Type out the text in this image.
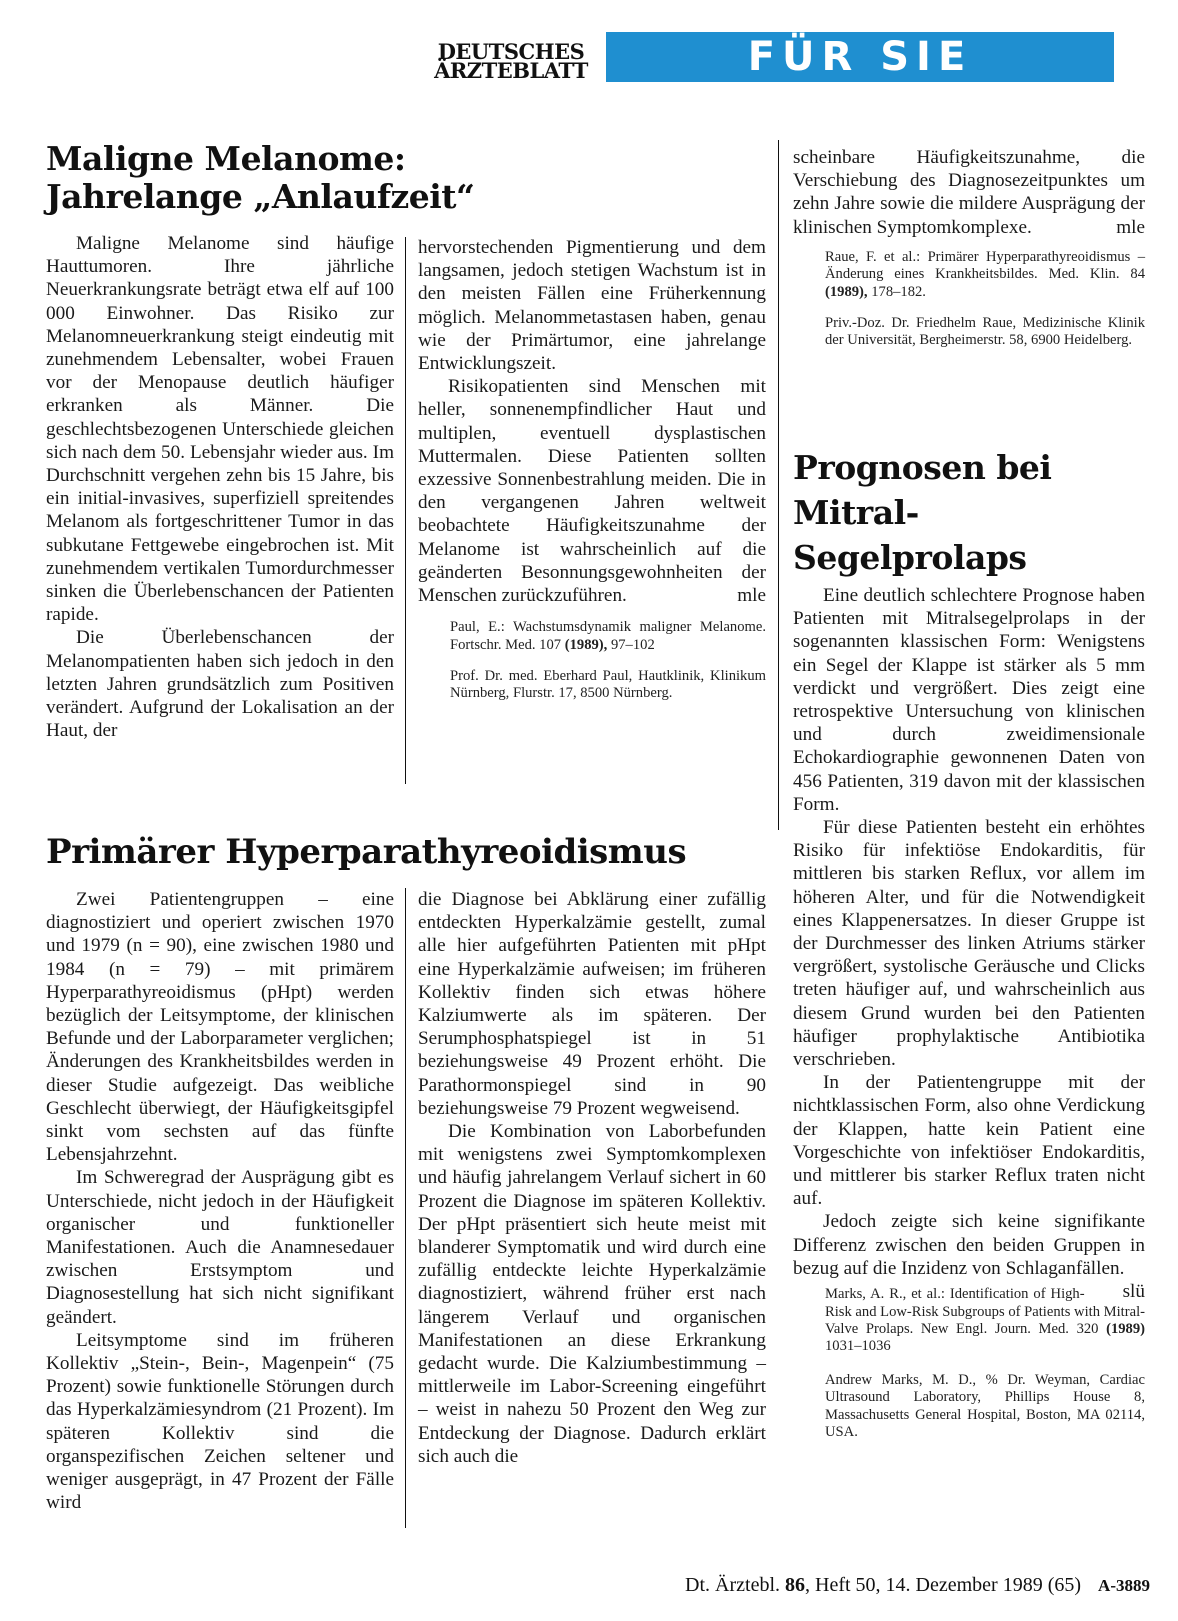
DEUTSCHES
ÄRZTEBLATT	FÜR SIE REFERIERT
Maligne Melanome:
Jahrelange „Anlaufzeit“

Maligne Melanome sind häufige Hauttumoren. Ihre jährliche Neuerkrankungsrate beträgt etwa elf auf 100 000 Einwohner. Das Risiko zur Melanomneuerkrankung steigt eindeutig mit zunehmendem Lebensalter, wobei Frauen vor der Menopause deutlich häufiger erkranken als Männer. Die geschlechtsbezogenen Unterschiede gleichen sich nach dem 50. Lebensjahr wieder aus. Im Durchschnitt vergehen zehn bis 15 Jahre, bis ein initial-invasives, superfiziell spreitendes Melanom als fortgeschrittener Tumor in das subkutane Fettgewebe eingebrochen ist. Mit zunehmendem vertikalen Tumordurchmesser sinken die Überlebenschancen der Patienten rapide.

Die Überlebenschancen der Melanompatienten haben sich jedoch in den letzten Jahren grundsätzlich zum Positiven verändert. Aufgrund der Lokalisation an der Haut, der

hervorstechenden Pigmentierung und dem langsamen, jedoch stetigen Wachstum ist in den meisten Fällen eine Früherkennung möglich. Melanommetastasen haben, genau wie der Primärtumor, eine jahrelange Entwicklungszeit.

Risikopatienten sind Menschen mit heller, sonnenempfindlicher Haut und multiplen, eventuell dysplastischen Muttermalen. Diese Patienten sollten exzessive Sonnenbestrahlung meiden. Die in den vergangenen Jahren weltweit beobachtete Häufigkeitszunahme der Melanome ist wahrscheinlich auf die geänderten Besonnungsgewohnheiten der Menschen zurückzuführen.	mle

Paul, E.: Wachstumsdynamik maligner Melanome. Fortschr. Med. 107 (1989), 97–102
Prof. Dr. med. Eberhard Paul, Hautklinik, Klinikum Nürnberg, Flurstr. 17, 8500 Nürnberg.

scheinbare Häufigkeitszunahme, die Verschiebung des Diagnosezeitpunktes um zehn Jahre sowie die mildere Ausprägung der klinischen Symptomkomplexe.	mle

Raue, F. et al.: Primärer Hyperparathyreoidismus – Änderung eines Krankheitsbildes. Med. Klin. 84 (1989), 178–182.
Priv.-Doz. Dr. Friedhelm Raue, Medizinische Klinik der Universität, Bergheimerstr. 58, 6900 Heidelberg.
Prognosen bei
Mitral-
Segelprolaps

Eine deutlich schlechtere Prognose haben Patienten mit Mitralsegelprolaps in der sogenannten klassischen Form: Wenigstens ein Segel der Klappe ist stärker als 5 mm verdickt und vergrößert. Dies zeigt eine retrospektive Untersuchung von klinischen und durch zweidimensionale Echokardiographie gewonnenen Daten von 456 Patienten, 319 davon mit der klassischen Form.

Für diese Patienten besteht ein erhöhtes Risiko für infektiöse Endokarditis, für mittleren bis starken Reflux, vor allem im höheren Alter, und für die Notwendigkeit eines Klappenersatzes. In dieser Gruppe ist der Durchmesser des linken Atriums stärker vergrößert, systolische Geräusche und Clicks treten häufiger auf, und wahrscheinlich aus diesem Grund wurden bei den Patienten häufiger prophylaktische Antibiotika verschrieben.

In der Patientengruppe mit der nichtklassischen Form, also ohne Verdickung der Klappen, hatte kein Patient eine Vorgeschichte von infektiöser Endokarditis, und mittlerer bis starker Reflux traten nicht auf.

Jedoch zeigte sich keine signifikante Differenz zwischen den beiden Gruppen in bezug auf die Inzidenz von Schlaganfällen.
slü

Marks, A. R., et al.: Identification of High-Risk and Low-Risk Subgroups of Patients with Mitral-Valve Prolaps. New Engl. Journ. Med. 320 (1989) 1031–1036
Andrew Marks, M. D., % Dr. Weyman, Cardiac Ultrasound Laboratory, Phillips House 8, Massachusetts General Hospital, Boston, MA 02114, USA.
Primärer Hyperparathyreoidismus

Zwei Patientengruppen – eine diagnostiziert und operiert zwischen 1970 und 1979 (n = 90), eine zwischen 1980 und 1984 (n = 79) – mit primärem Hyperparathyreoidismus (pHpt) werden bezüglich der Leitsymptome, der klinischen Befunde und der Laborparameter verglichen; Änderungen des Krankheitsbildes werden in dieser Studie aufgezeigt. Das weibliche Geschlecht überwiegt, der Häufigkeitsgipfel sinkt vom sechsten auf das fünfte Lebensjahrzehnt.

Im Schweregrad der Ausprägung gibt es Unterschiede, nicht jedoch in der Häufigkeit organischer und funktioneller Manifestationen. Auch die Anamnesedauer zwischen Erstsymptom und Diagnosestellung hat sich nicht signifikant geändert.

Leitsymptome sind im früheren Kollektiv „Stein-, Bein-, Magenpein“ (75 Prozent) sowie funktionelle Störungen durch das Hyperkalzämiesyndrom (21 Prozent). Im späteren Kollektiv sind die organspezifischen Zeichen seltener und weniger ausgeprägt, in 47 Prozent der Fälle wird

die Diagnose bei Abklärung einer zufällig entdeckten Hyperkalzämie gestellt, zumal alle hier aufgeführten Patienten mit pHpt eine Hyperkalzämie aufweisen; im früheren Kollektiv finden sich etwas höhere Kalziumwerte als im späteren. Der Serumphosphatspiegel ist in 51 beziehungsweise 49 Prozent erhöht. Die Parathormonspiegel sind in 90 beziehungsweise 79 Prozent wegweisend.

Die Kombination von Laborbefunden mit wenigstens zwei Symptomkomplexen und häufig jahrelangem Verlauf sichert in 60 Prozent die Diagnose im späteren Kollektiv. Der pHpt präsentiert sich heute meist mit blanderer Symptomatik und wird durch eine zufällig entdeckte leichte Hyperkalzämie diagnostiziert, während früher erst nach längerem Verlauf und organischen Manifestationen an diese Erkrankung gedacht wurde. Die Kalziumbestimmung – mittlerweile im Labor-Screening eingeführt – weist in nahezu 50 Prozent den Weg zur Entdeckung der Diagnose. Dadurch erklärt sich auch die

Dt. Ärztebl. 86, Heft 50, 14. Dezember 1989 (65) A-3889
